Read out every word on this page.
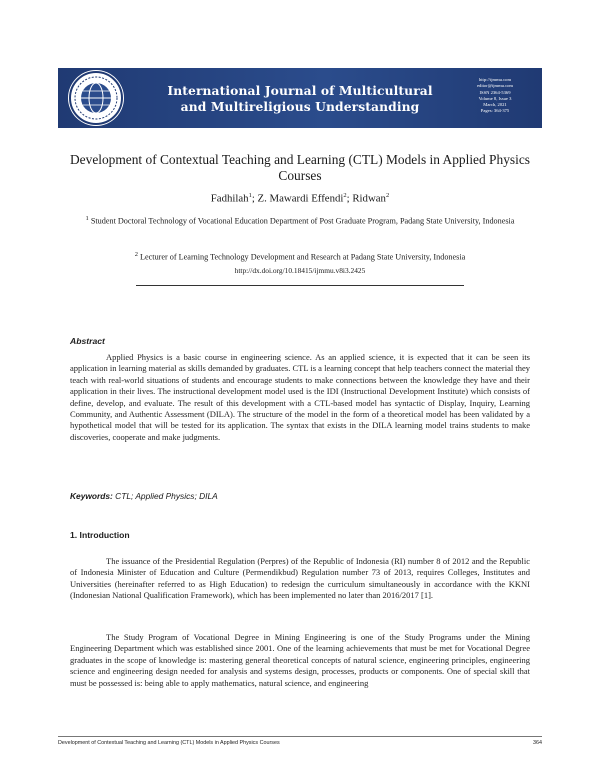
International Journal of Multicultural
and Multireligious Understanding
http://ijmmu.com
editor@ijmmu.com
ISSN 2364-5369
Volume 8, Issue 3
March, 2021
Pages: 364-375
Development of Contextual Teaching and Learning (CTL) Models in Applied Physics Courses
Fadhilah$^1$; Z. Mawardi Effendi$^2$; Ridwan$^2$
$^1$ Student Doctoral Technology of Vocational Education Department of Post Graduate Program, Padang State University, Indonesia
$^2$ Lecturer of Learning Technology Development and Research at Padang State University, Indonesia
http://dx.doi.org/10.18415/ijmmu.v8i3.2425
Abstract
Applied Physics is a basic course in engineering science. As an applied science, it is expected that it can be seen its application in learning material as skills demanded by graduates. CTL is a learning concept that help teachers connect the material they teach with real-world situations of students and encourage students to make connections between the knowledge they have and their application in their lives. The instructional development model used is the IDI (Instructional Development Institute) which consists of define, develop, and evaluate. The result of this development with a CTL-based model has syntactic of Display, Inquiry, Learning Community, and Authentic Assessment (DILA). The structure of the model in the form of a theoretical model has been validated by a hypothetical model that will be tested for its application. The syntax that exists in the DILA learning model trains students to make discoveries, cooperate and make judgments.
Keywords: CTL; Applied Physics; DILA
1. Introduction
The issuance of the Presidential Regulation (Perpres) of the Republic of Indonesia (RI) number 8 of 2012 and the Republic of Indonesia Minister of Education and Culture (Permendikbud) Regulation number 73 of 2013, requires Colleges, Institutes and Universities (hereinafter referred to as High Education) to redesign the curriculum simultaneously in accordance with the KKNI (Indonesian National Qualification Framework), which has been implemented no later than 2016/2017 [1].
The Study Program of Vocational Degree in Mining Engineering is one of the Study Programs under the Mining Engineering Department which was established since 2001. One of the learning achievements that must be met for Vocational Degree graduates in the scope of knowledge is: mastering general theoretical concepts of natural science, engineering principles, engineering science and engineering design needed for analysis and systems design, processes, products or components. One of special skill that must be possessed is: being able to apply mathematics, natural science, and engineering
Development of Contextual Teaching and Learning (CTL) Models in Applied Physics Courses	364
